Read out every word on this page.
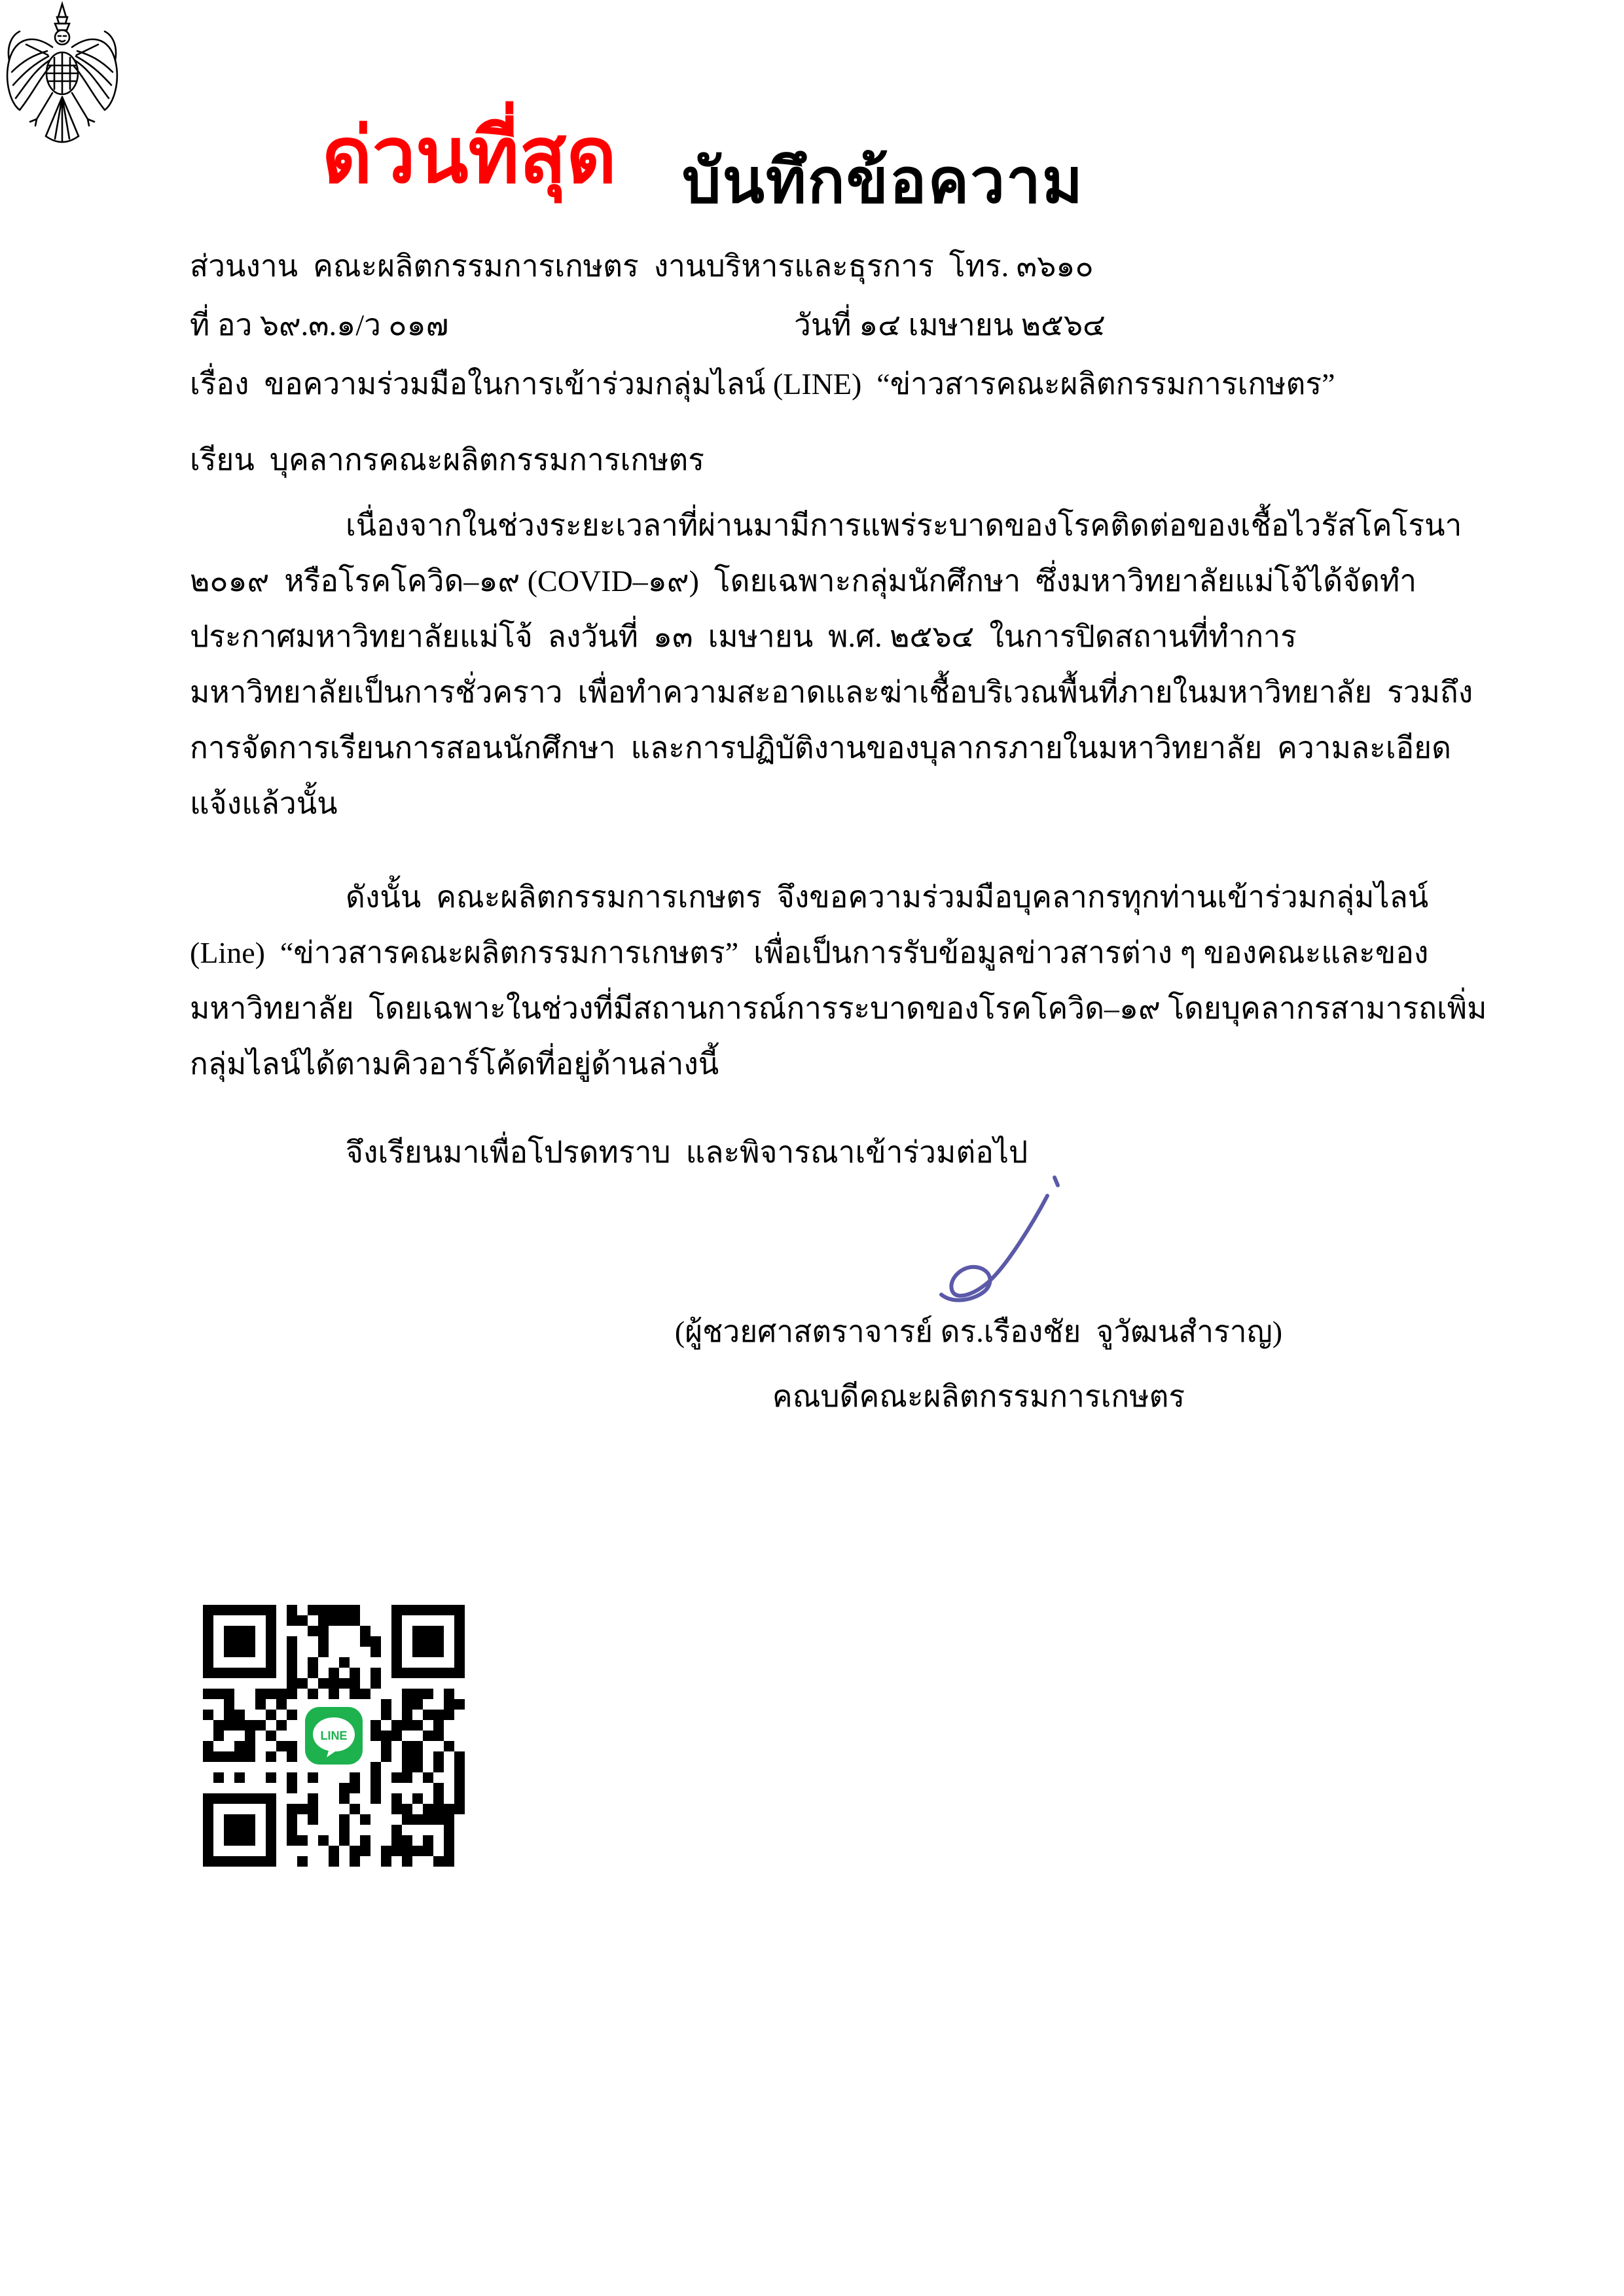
ด่วนที่สุด บันทึกข้อความ
ส่วนงาน  คณะผลิตกรรมการเกษตร  งานบริหารและธุรการ  โทร. ๓๖๑๐
ที่ อว ๖๙.๓.๑/ว ๐๑๗	วันที่ ๑๔ เมษายน ๒๕๖๔
เรื่อง  ขอความร่วมมือในการเข้าร่วมกลุ่มไลน์ (LINE)  “ข่าวสารคณะผลิตกรรมการเกษตร”
เรียน  บุคลากรคณะผลิตกรรมการเกษตร
เนื่องจากในช่วงระยะเวลาที่ผ่านมามีการแพร่ระบาดของโรคติดต่อของเชื้อไวรัสโคโรนา
๒๐๑๙  หรือโรคโควิด–๑๙ (COVID–๑๙)  โดยเฉพาะกลุ่มนักศึกษา  ซึ่งมหาวิทยาลัยแม่โจ้ได้จัดทำ
ประกาศมหาวิทยาลัยแม่โจ้  ลงวันที่  ๑๓  เมษายน  พ.ศ. ๒๕๖๔  ในการปิดสถานที่ทำการ
มหาวิทยาลัยเป็นการชั่วคราว  เพื่อทำความสะอาดและฆ่าเชื้อบริเวณพื้นที่ภายในมหาวิทยาลัย  รวมถึง
การจัดการเรียนการสอนนักศึกษา  และการปฏิบัติงานของบุลากรภายในมหาวิทยาลัย  ความละเอียด
แจ้งแล้วนั้น
ดังนั้น  คณะผลิตกรรมการเกษตร  จึงขอความร่วมมือบุคลากรทุกท่านเข้าร่วมกลุ่มไลน์
(Line)  “ข่าวสารคณะผลิตกรรมการเกษตร”  เพื่อเป็นการรับข้อมูลข่าวสารต่าง ๆ ของคณะและของ
มหาวิทยาลัย  โดยเฉพาะในช่วงที่มีสถานการณ์การระบาดของโรคโควิด–๑๙ โดยบุคลากรสามารถเพิ่ม
กลุ่มไลน์ได้ตามคิวอาร์โค้ดที่อยู่ด้านล่างนี้
จึงเรียนมาเพื่อโปรดทราบ  และพิจารณาเข้าร่วมต่อไป
(ผู้ชวยศาสตราจารย์ ดร.เรืองชัย  จูวัฒนสำราญ)
คณบดีคณะผลิตกรรมการเกษตร
LINE
